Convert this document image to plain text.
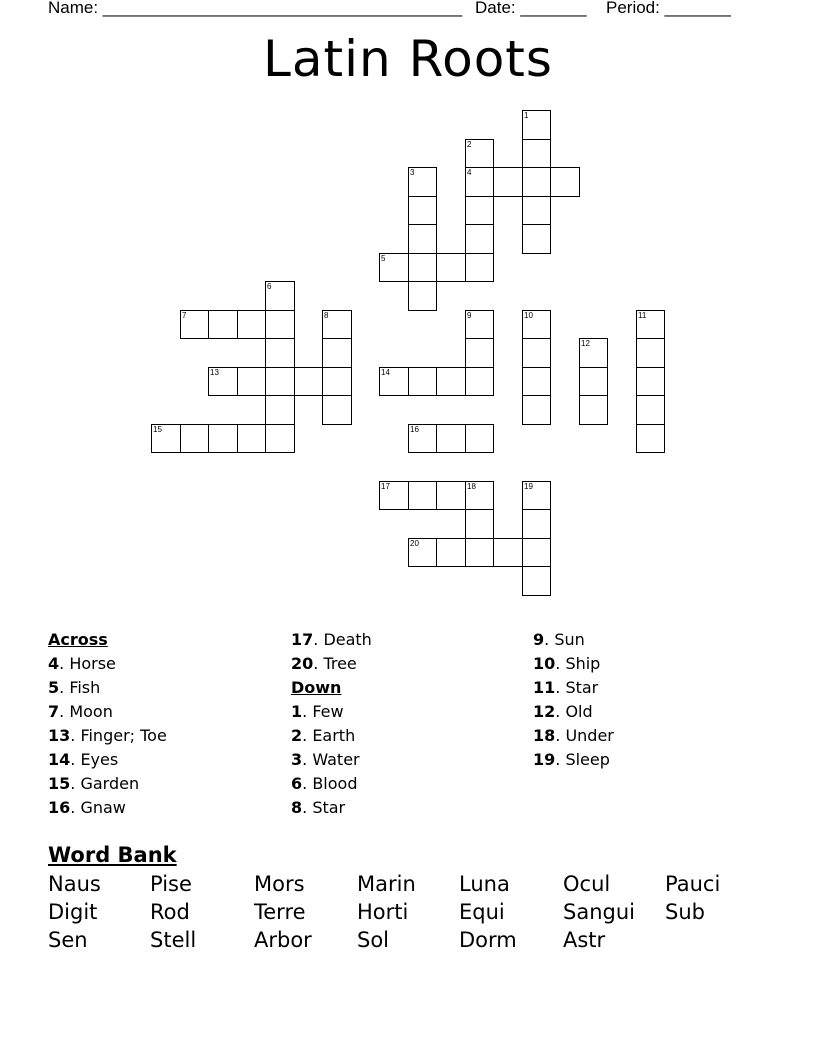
Name: ______________________________________ Date: _______ Period: _______
Latin Roots
1
2
4
3
5
6
7	8	9	10	11
12
13	14
15	16
17	18	19
20
Across
4. Horse
5. Fish
7. Moon
13. Finger; Toe
14. Eyes
15. Garden
16. Gnaw
17. Death
20. Tree
Down
1. Few
2. Earth
3. Water
6. Blood
8. Star
9. Sun
10. Ship
11. Star
12. Old
18. Under
19. Sleep
Word Bank
Naus Pise	Mors Marin Luna	Ocul	Pauci
Digit	Rod	Terre Horti Equi	Sangui Sub
Sen	Stell	Arbor Sol	Dorm Astr
